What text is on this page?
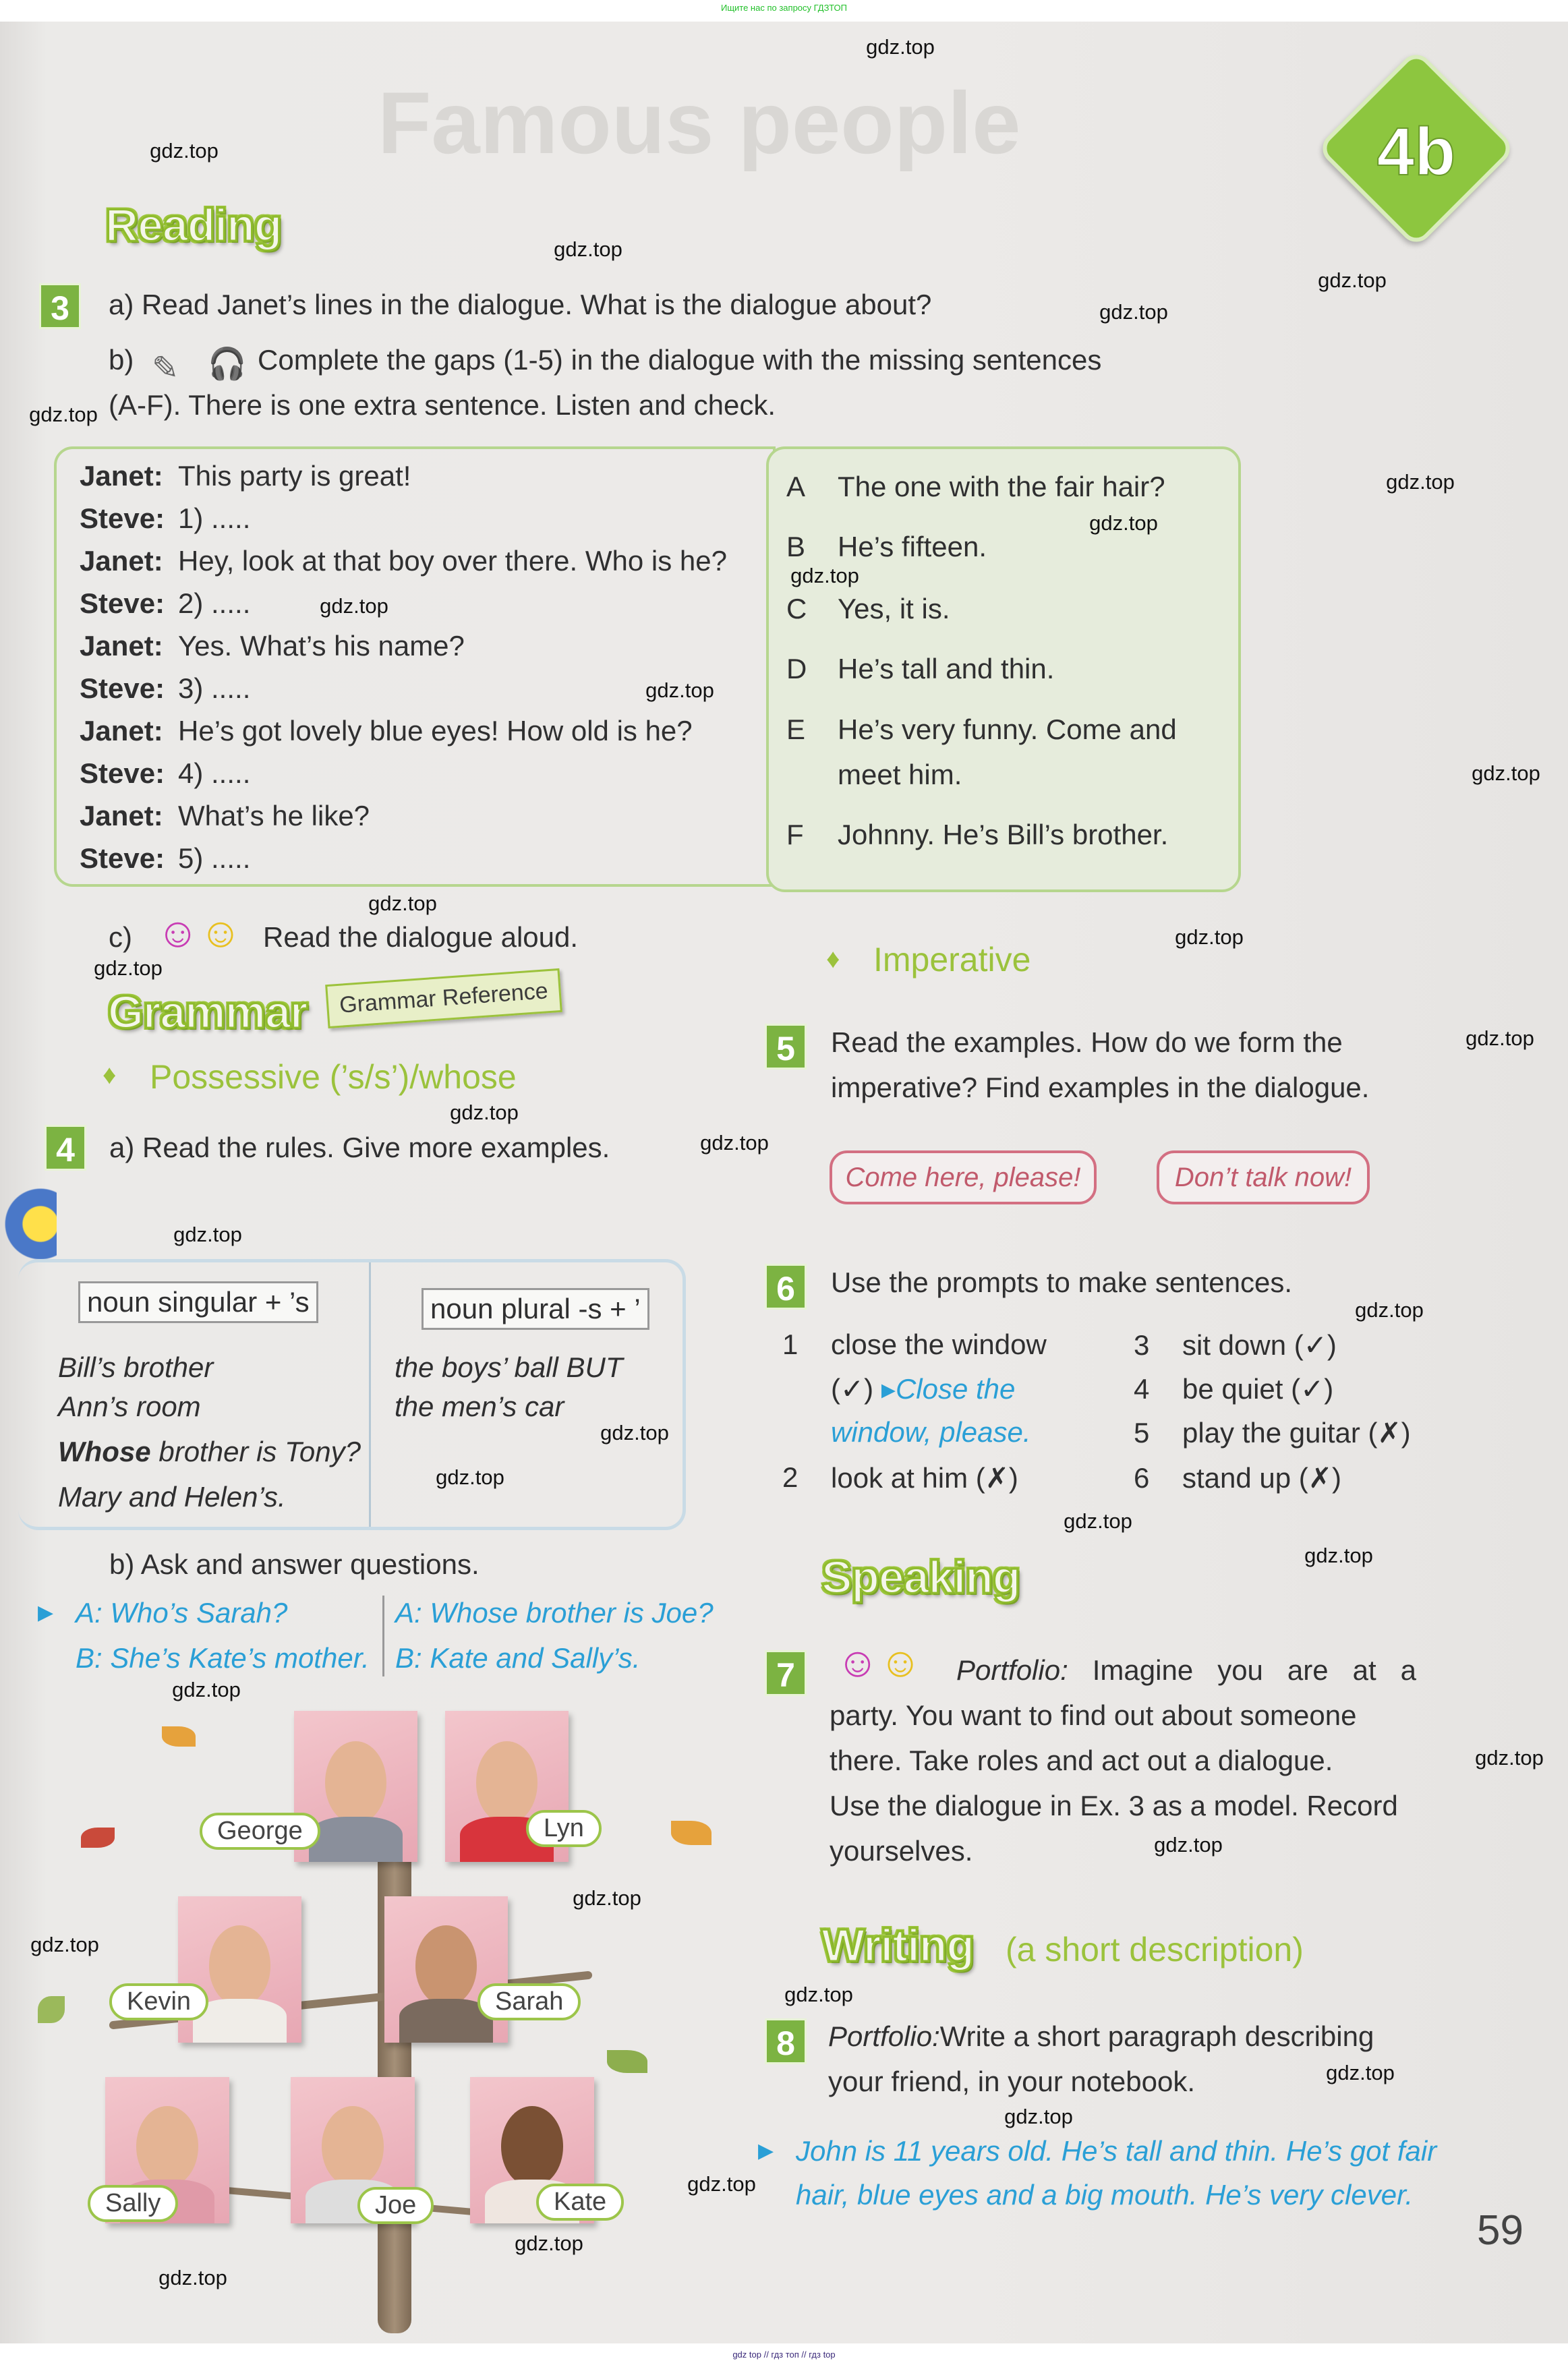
Ищите нас по запросу ГДЗТОП
Famous people	4b
Reading
3	a) Read Janet’s lines in the dialogue. What is the dialogue about?
b) ✎ 🎧 Complete the gaps (1-5) in the dialogue with the missing sentences
(A-F). There is one extra sentence. Listen and check.
Janet: This party is great!
Steve: 1) .....
Janet: Hey, look at that boy over there. Who is he?
Steve: 2) .....
Janet: Yes. What’s his name?
Steve: 3) .....
Janet: He’s got lovely blue eyes! How old is he?
Steve: 4) .....
Janet: What’s he like?
Steve: 5) .....
A The one with the fair hair?
B He’s fifteen.
C Yes, it is.
D He’s tall and thin.
E He’s very funny. Come and
meet him.
F Johnny. He’s Bill’s brother.
c) ☺☺ Read the dialogue aloud.
Grammar	Grammar Reference
♦ Possessive (’s/s’)/whose
4	a) Read the rules. Give more examples.
noun singular + ’s	noun plural -s + ’
Bill’s brother
Ann’s room
Whose brother is Tony?
Mary and Helen’s.
the boys’ ball BUT
the men’s car
b) Ask and answer questions.
▶ A: Who’s Sarah?
B: She’s Kate’s mother.
A: Whose brother is Joe?
B: Kate and Sally’s.
George	Lyn
Kevin	Sarah
Sally	Joe	Kate
♦ Imperative
5	Read the examples. How do we form the
imperative? Find examples in the dialogue.
Come here, please!	Don’t talk now!
6	Use the prompts to make sentences.
1 close the window
(✓) ▸Close the
window, please.
2 look at him (✗)
3 sit down (✓)
4 be quiet (✓)
5 play the guitar (✗)
6 stand up (✗)
Speaking
7 ☺☺ Portfolio: Imagine you are at a
party. You want to find out about someone
there. Take roles and act out a dialogue.
Use the dialogue in Ex. 3 as a model. Record
yourselves.
Writing (a short description)
8	Portfolio:Write a short paragraph describing
your friend, in your notebook.
▶ John is 11 years old. He’s tall and thin. He’s got fair
hair, blue eyes and a big mouth. He’s very clever.
59
gdz.top
gdz.top
gdz.top
gdz.top
gdz.top
gdz.top
gdz.top
gdz.top
gdz.top
gdz.top
gdz.top
gdz.top
gdz.top
gdz.top
gdz.top
gdz.top
gdz.top
gdz.top
gdz.top
gdz.top
gdz.top
gdz.top
gdz.top
gdz.top
gdz.top
gdz.top
gdz.top
gdz.top
gdz.top
gdz.top
gdz.top
gdz.top
gdz.top
gdz.top
gdz.top
gdz top // гдз топ // гдз top
